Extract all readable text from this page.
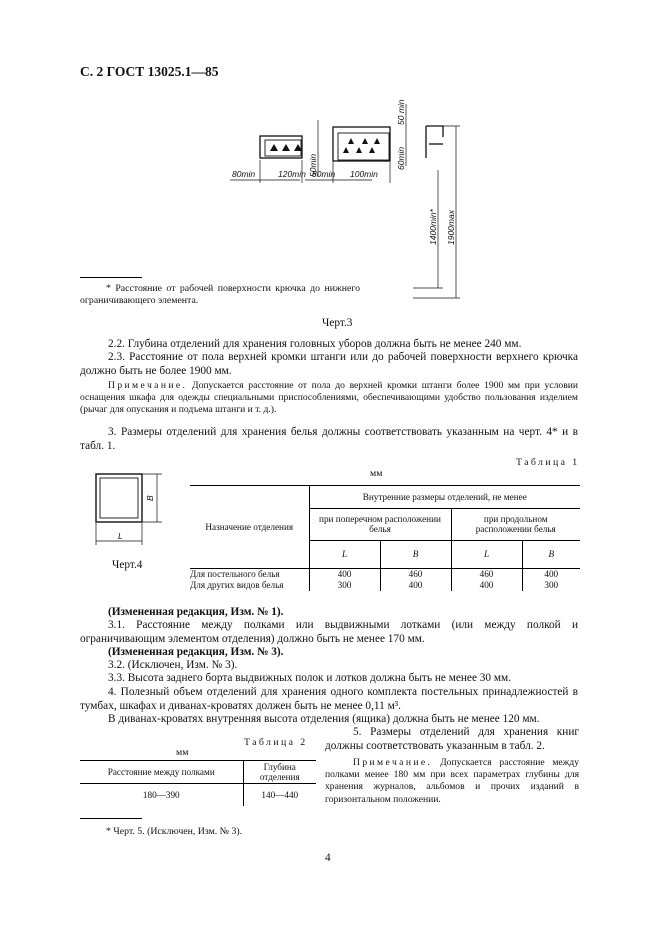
С. 2 ГОСТ 13025.1—85
80min	120min 50min
80min 100min
60min
50 min
1400min* 1900max
* Расстояние от рабочей поверхности крючка до нижнего ограничивающего элемента.
Черт.3
2.2. Глубина отделений для хранения головных уборов должна быть не менее 240 мм.
2.3. Расстояние от пола верхней кромки штанги или до рабочей поверхности верхнего крючка должно быть не более 1900 мм.
Примечание. Допускается расстояние от пола до верхней кромки штанги более 1900 мм при условии оснащения шкафа для одежды специальными приспособлениями, обеспечивающими удобство пользования изделием (рычаг для опускания и подъема штанги и т. д.).
3. Размеры отделений для хранения белья должны соответствовать указанным на черт. 4* и в табл. 1.
Таблица 1
мм
L
B
Черт.4

Назначение отделения	Внутренние размеры отделений, не менее			
	при поперечном расположении белья		при продольном расположении белья	
	L	B	L	B

Для постельного белья	400	460	460	400
Для других видов белья	300	400	400	300
(Измененная редакция, Изм. № 1).
3.1. Расстояние между полками или выдвижными лотками (или между полкой и ограничивающим элементом отделения) должно быть не менее 170 мм.
(Измененная редакция, Изм. № 3).
3.2. (Исключен, Изм. № 3).
3.3. Высота заднего борта выдвижных полок и лотков должна быть не менее 30 мм.
4. Полезный объем отделений для хранения одного комплекта постельных принадлежностей в тумбах, шкафах и диванах-кроватях должен быть не менее 0,11 м³.
В диванах-кроватях внутренняя высота отделения (ящика) должна быть не менее 120 мм.
Таблица 2
мм

Расстояние между полками	Глубина отделения

180—390	140—440
5. Размеры отделений для хранения книг должны соответствовать указанным в табл. 2.
Примечание. Допускается расстояние между полками менее 180 мм при всех параметрах глубины для хранения журналов, альбомов и прочих изданий в горизонтальном положении.
* Черт. 5. (Исключен, Изм. № 3).
4
